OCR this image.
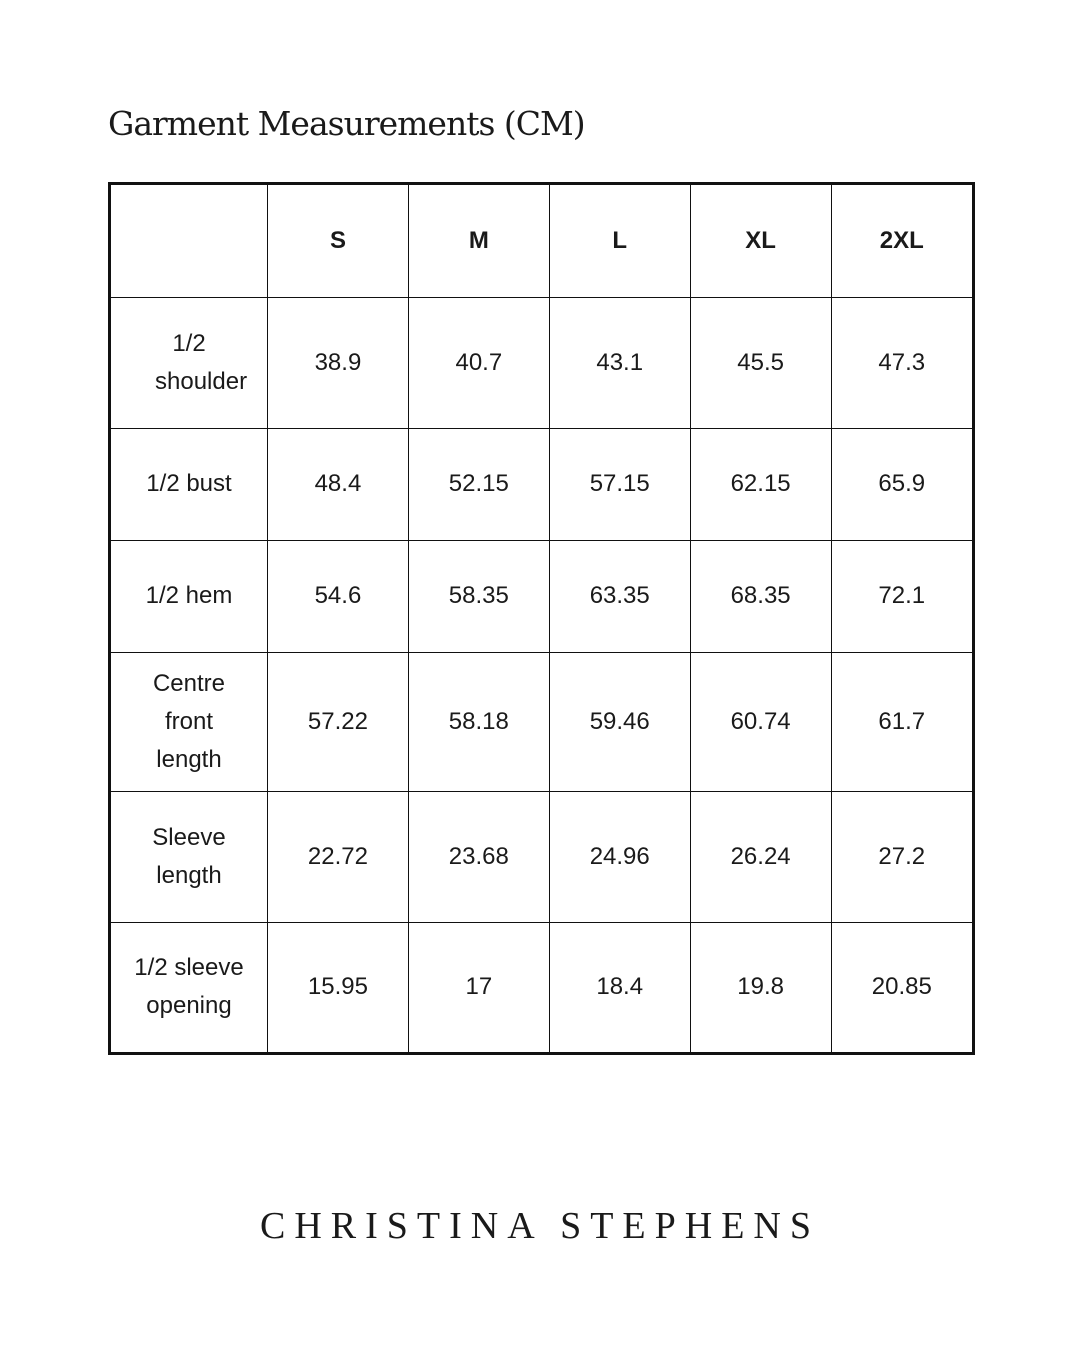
Garment Measurements (CM)
	S	M	L	XL	2XL
1/2 shoulder	38.9	40.7	43.1	45.5	47.3
1/2 bust	48.4	52.15	57.15	62.15	65.9
1/2 hem	54.6	58.35	63.35	68.35	72.1
Centre front length	57.22	58.18	59.46	60.74	61.7
Sleeve length	22.72	23.68	24.96	26.24	27.2
1/2 sleeve opening	15.95	17	18.4	19.8	20.85
CHRISTINA STEPHENS
